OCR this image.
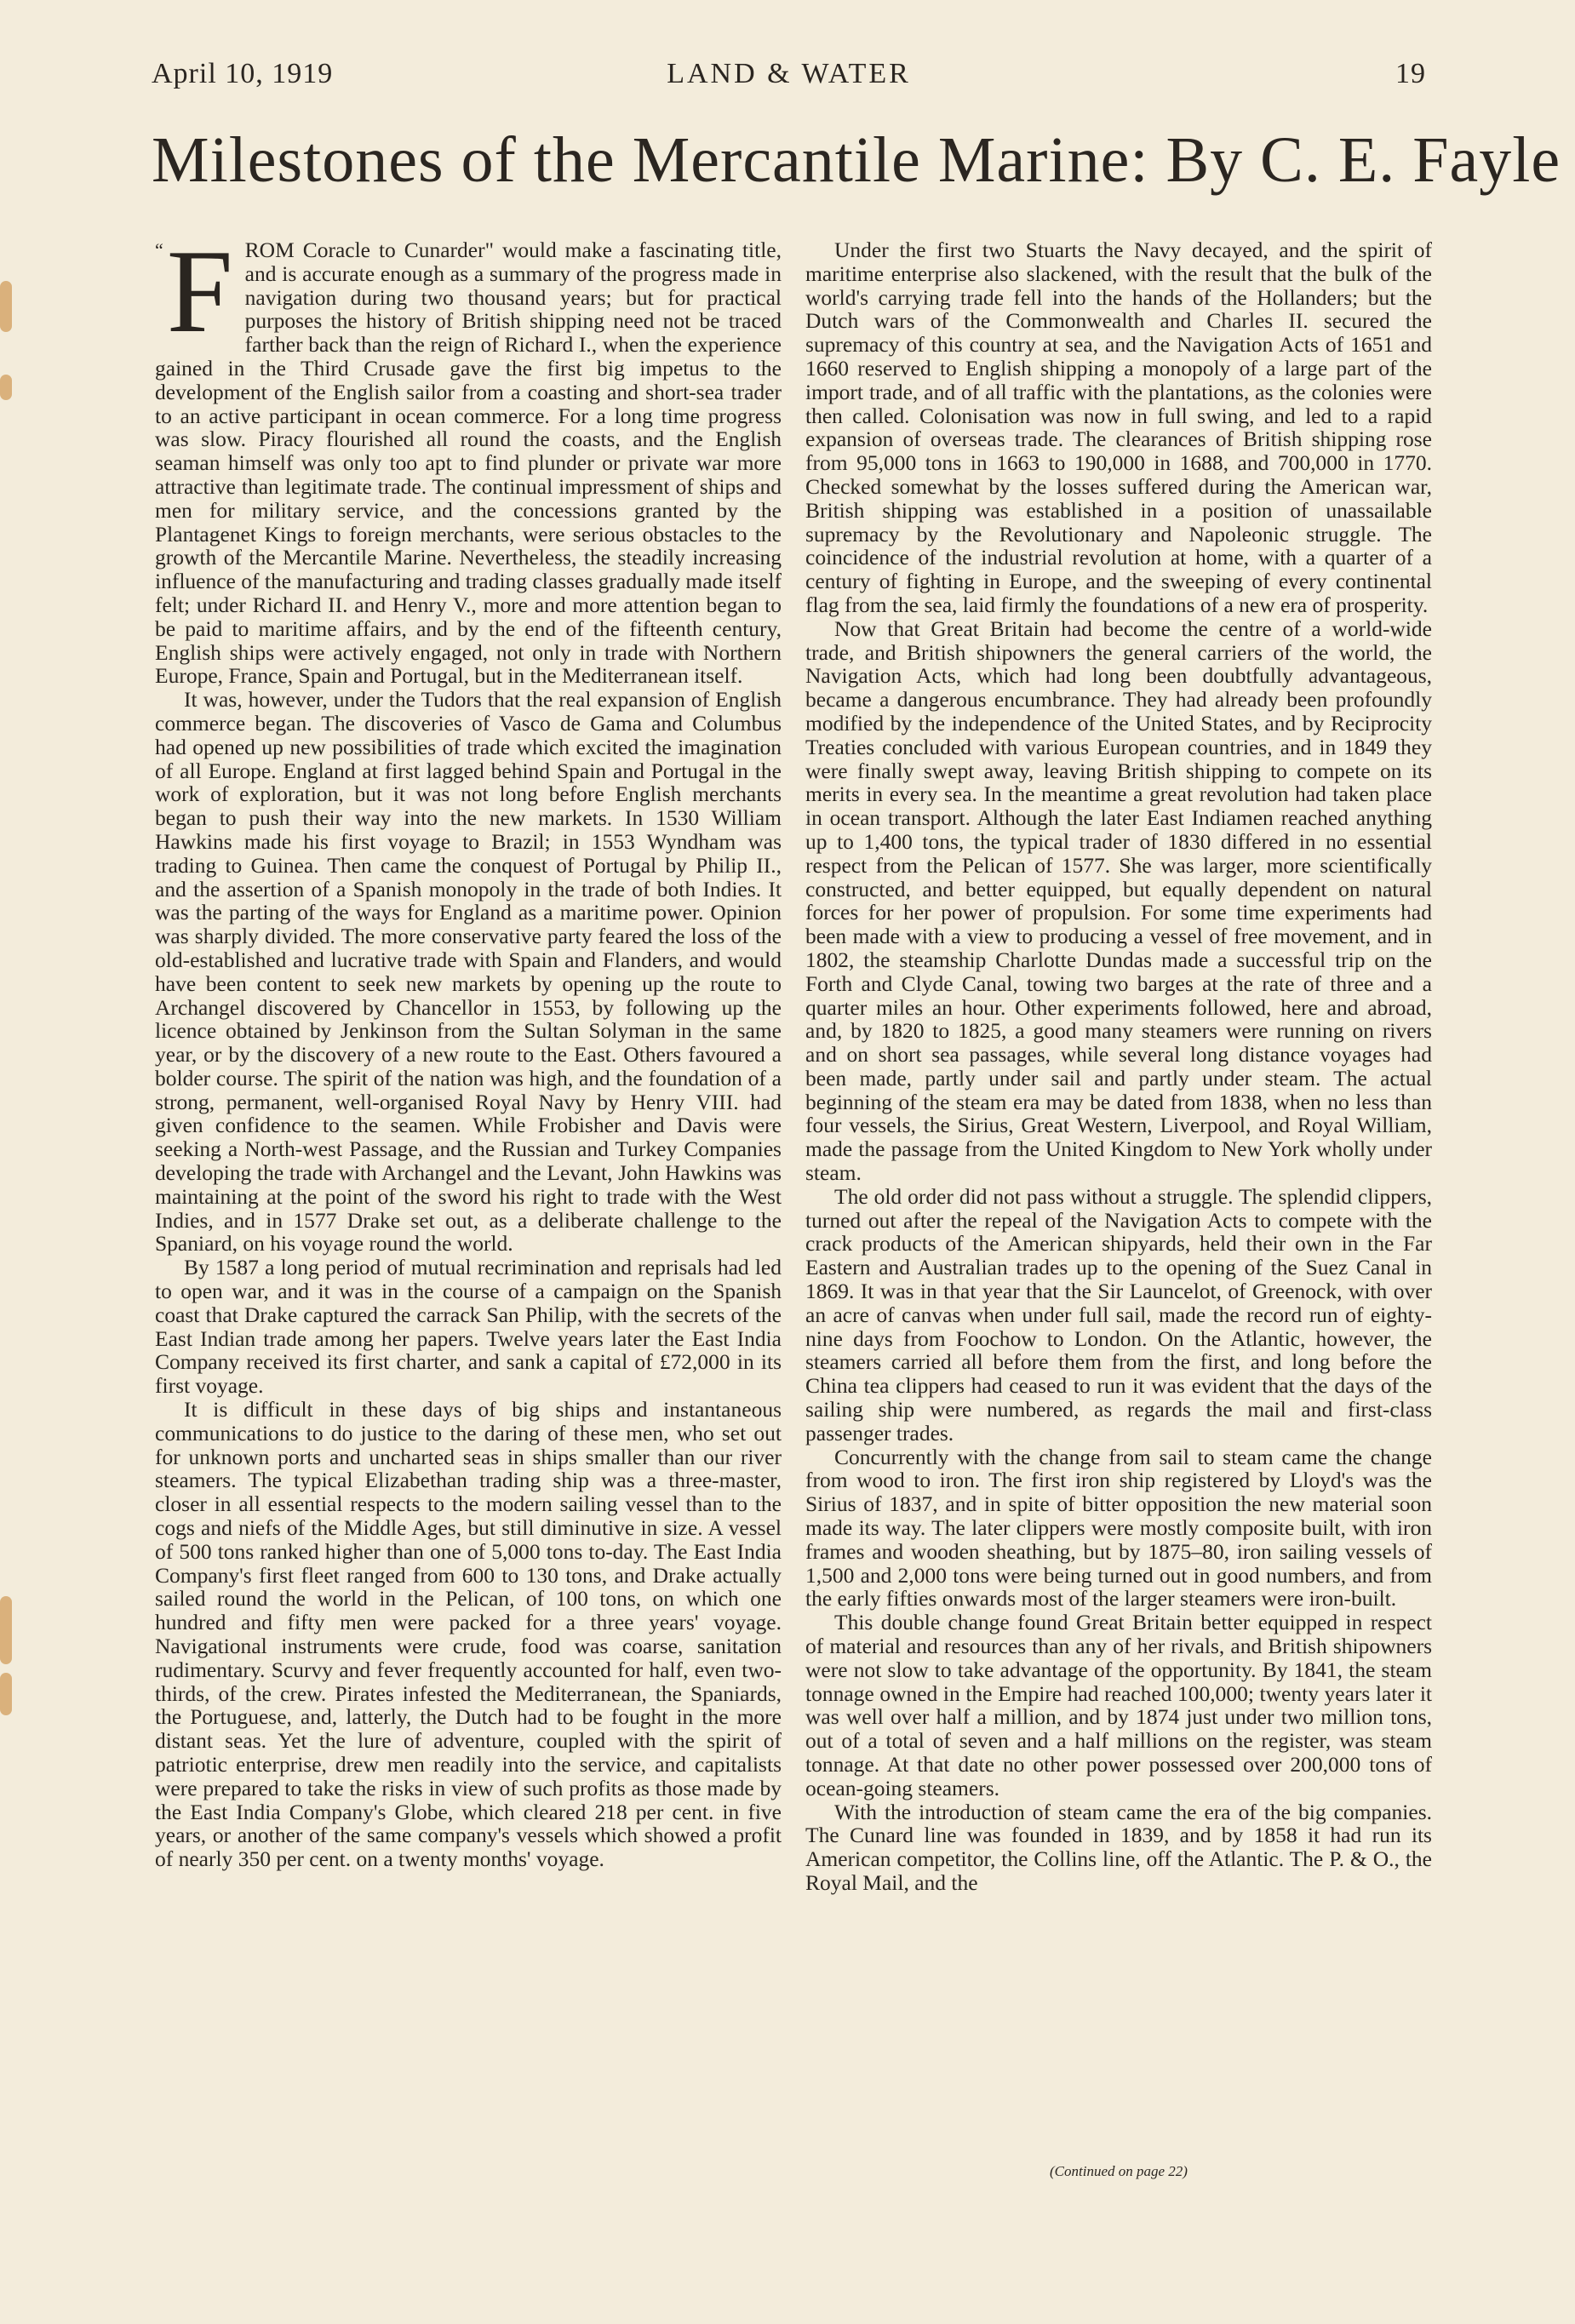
April 10, 1919	LAND & WATER	19
Milestones of the Mercantile Marine: By C. E. Fayle

“ F ROM Coracle to Cunarder" would make a fascinating title, and is accurate enough as a summary of the progress made in navigation during two thousand years; but for practical purposes the history of British shipping need not be traced farther back than the reign of Richard I., when the experience gained in the Third Crusade gave the first big impetus to the development of the English sailor from a coasting and short-sea trader to an active participant in ocean commerce. For a long time progress was slow. Piracy flourished all round the coasts, and the English seaman himself was only too apt to find plunder or private war more attractive than legitimate trade. The continual impressment of ships and men for military service, and the concessions granted by the Plantagenet Kings to foreign merchants, were serious obstacles to the growth of the Mercantile Marine. Nevertheless, the steadily increasing influence of the manufacturing and trading classes gradually made itself felt; under Richard II. and Henry V., more and more attention began to be paid to maritime affairs, and by the end of the fifteenth century, English ships were actively engaged, not only in trade with Northern Europe, France, Spain and Portugal, but in the Mediterranean itself.

It was, however, under the Tudors that the real expansion of English commerce began. The discoveries of Vasco de Gama and Columbus had opened up new possibilities of trade which excited the imagination of all Europe. England at first lagged behind Spain and Portugal in the work of exploration, but it was not long before English merchants began to push their way into the new markets. In 1530 William Hawkins made his first voyage to Brazil; in 1553 Wyndham was trading to Guinea. Then came the conquest of Portugal by Philip II., and the assertion of a Spanish monopoly in the trade of both Indies. It was the parting of the ways for England as a maritime power. Opinion was sharply divided. The more conservative party feared the loss of the old-established and lucrative trade with Spain and Flanders, and would have been content to seek new markets by opening up the route to Archangel discovered by Chancellor in 1553, by following up the licence obtained by Jenkinson from the Sultan Solyman in the same year, or by the discovery of a new route to the East. Others favoured a bolder course. The spirit of the nation was high, and the foundation of a strong, permanent, well-organised Royal Navy by Henry VIII. had given confidence to the seamen. While Frobisher and Davis were seeking a North-west Passage, and the Russian and Turkey Companies developing the trade with Archangel and the Levant, John Hawkins was maintaining at the point of the sword his right to trade with the West Indies, and in 1577 Drake set out, as a deliberate challenge to the Spaniard, on his voyage round the world.

By 1587 a long period of mutual recrimination and reprisals had led to open war, and it was in the course of a campaign on the Spanish coast that Drake captured the carrack San Philip, with the secrets of the East Indian trade among her papers. Twelve years later the East India Company received its first charter, and sank a capital of £72,000 in its first voyage.

It is difficult in these days of big ships and instantaneous communications to do justice to the daring of these men, who set out for unknown ports and uncharted seas in ships smaller than our river steamers. The typical Elizabethan trading ship was a three-master, closer in all essential respects to the modern sailing vessel than to the cogs and niefs of the Middle Ages, but still diminutive in size. A vessel of 500 tons ranked higher than one of 5,000 tons to-day. The East India Company's first fleet ranged from 600 to 130 tons, and Drake actually sailed round the world in the Pelican, of 100 tons, on which one hundred and fifty men were packed for a three years' voyage. Navigational instruments were crude, food was coarse, sanitation rudimentary. Scurvy and fever frequently accounted for half, even two-thirds, of the crew. Pirates infested the Mediterranean, the Spaniards, the Portuguese, and, latterly, the Dutch had to be fought in the more distant seas. Yet the lure of adventure, coupled with the spirit of patriotic enterprise, drew men readily into the service, and capitalists were prepared to take the risks in view of such profits as those made by the East India Company's Globe, which cleared 218 per cent. in five years, or another of the same company's vessels which showed a profit of nearly 350 per cent. on a twenty months' voyage.

Under the first two Stuarts the Navy decayed, and the spirit of maritime enterprise also slackened, with the result that the bulk of the world's carrying trade fell into the hands of the Hollanders; but the Dutch wars of the Commonwealth and Charles II. secured the supremacy of this country at sea, and the Navigation Acts of 1651 and 1660 reserved to English shipping a monopoly of a large part of the import trade, and of all traffic with the plantations, as the colonies were then called. Colonisation was now in full swing, and led to a rapid expansion of overseas trade. The clearances of British shipping rose from 95,000 tons in 1663 to 190,000 in 1688, and 700,000 in 1770. Checked somewhat by the losses suffered during the American war, British shipping was established in a position of unassailable supremacy by the Revolutionary and Napoleonic struggle. The coincidence of the industrial revolution at home, with a quarter of a century of fighting in Europe, and the sweeping of every continental flag from the sea, laid firmly the foundations of a new era of prosperity.

Now that Great Britain had become the centre of a world-wide trade, and British shipowners the general carriers of the world, the Navigation Acts, which had long been doubtfully advantageous, became a dangerous encumbrance. They had already been profoundly modified by the independence of the United States, and by Reciprocity Treaties concluded with various European countries, and in 1849 they were finally swept away, leaving British shipping to compete on its merits in every sea. In the meantime a great revolution had taken place in ocean transport. Although the later East Indiamen reached anything up to 1,400 tons, the typical trader of 1830 differed in no essential respect from the Pelican of 1577. She was larger, more scientifically constructed, and better equipped, but equally dependent on natural forces for her power of propulsion. For some time experiments had been made with a view to producing a vessel of free movement, and in 1802, the steamship Charlotte Dundas made a successful trip on the Forth and Clyde Canal, towing two barges at the rate of three and a quarter miles an hour. Other experiments followed, here and abroad, and, by 1820 to 1825, a good many steamers were running on rivers and on short sea passages, while several long distance voyages had been made, partly under sail and partly under steam. The actual beginning of the steam era may be dated from 1838, when no less than four vessels, the Sirius, Great Western, Liverpool, and Royal William, made the passage from the United Kingdom to New York wholly under steam.

The old order did not pass without a struggle. The splendid clippers, turned out after the repeal of the Navigation Acts to compete with the crack products of the American shipyards, held their own in the Far Eastern and Australian trades up to the opening of the Suez Canal in 1869. It was in that year that the Sir Launcelot, of Greenock, with over an acre of canvas when under full sail, made the record run of eighty-nine days from Foochow to London. On the Atlantic, however, the steamers carried all before them from the first, and long before the China tea clippers had ceased to run it was evident that the days of the sailing ship were numbered, as regards the mail and first-class passenger trades.

Concurrently with the change from sail to steam came the change from wood to iron. The first iron ship registered by Lloyd's was the Sirius of 1837, and in spite of bitter opposition the new material soon made its way. The later clippers were mostly composite built, with iron frames and wooden sheathing, but by 1875–80, iron sailing vessels of 1,500 and 2,000 tons were being turned out in good numbers, and from the early fifties onwards most of the larger steamers were iron-built.

This double change found Great Britain better equipped in respect of material and resources than any of her rivals, and British shipowners were not slow to take advantage of the opportunity. By 1841, the steam tonnage owned in the Empire had reached 100,000; twenty years later it was well over half a million, and by 1874 just under two million tons, out of a total of seven and a half millions on the register, was steam tonnage. At that date no other power possessed over 200,000 tons of ocean-going steamers.

With the introduction of steam came the era of the big companies. The Cunard line was founded in 1839, and by 1858 it had run its American competitor, the Collins line, off the Atlantic. The P. & O., the Royal Mail, and the

(Continued on page 22)
